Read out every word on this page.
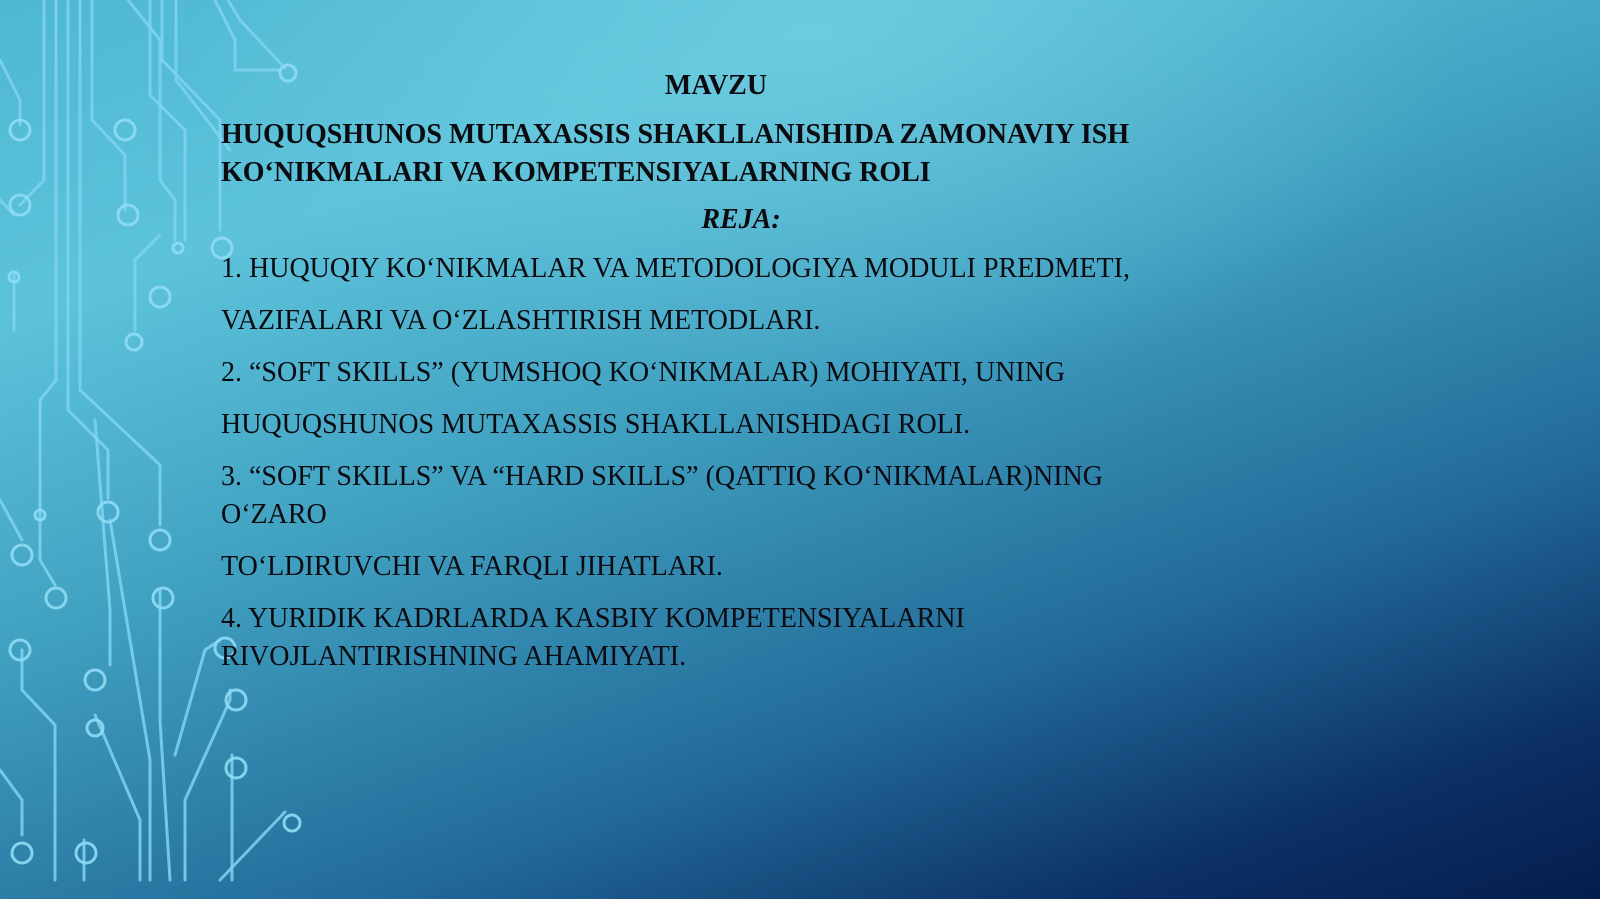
MAVZU

HUQUQSHUNOS MUTAXASSIS SHAKLLANISHIDA ZAMONAVIY ISH
KO‘NIKMALARI VA KOMPETENSIYALARNING ROLI

REJA:

1. HUQUQIY KO‘NIKMALAR VA METODOLOGIYA MODULI PREDMETI,
VAZIFALARI VA O‘ZLASHTIRISH METODLARI.
2. “SOFT SKILLS” (YUMSHOQ KO‘NIKMALAR) MOHIYATI, UNING
HUQUQSHUNOS MUTAXASSIS SHAKLLANISHDAGI ROLI.
3. “SOFT SKILLS” VA “HARD SKILLS” (QATTIQ KO‘NIKMALAR)NING
O‘ZARO
TO‘LDIRUVCHI VA FARQLI JIHATLARI.
4. YURIDIK KADRLARDA KASBIY KOMPETENSIYALARNI
RIVOJLANTIRISHNING AHAMIYATI.
